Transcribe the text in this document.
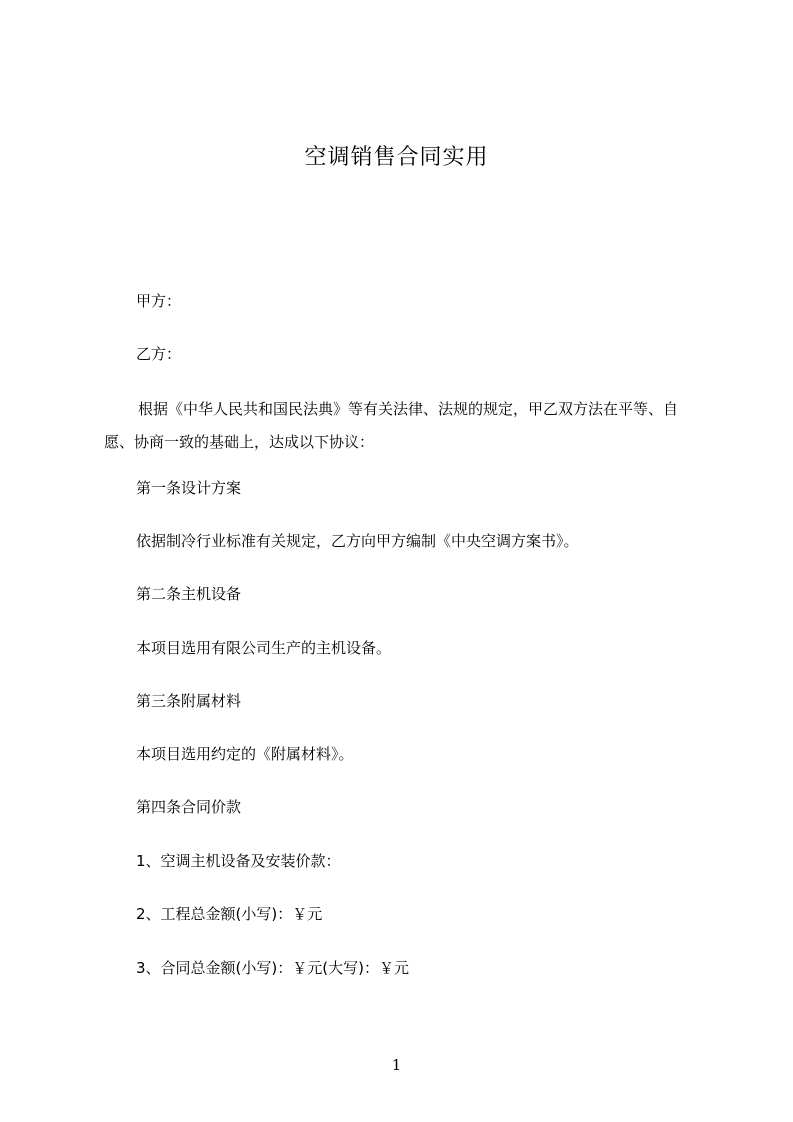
空调销售合同实用
甲方：
乙方：
根据《中华人民共和国民法典》等有关法律、法规的规定，甲乙双方法在平等、自愿、协商一致的基础上，达成以下协议：
第一条设计方案
依据制冷行业标准有关规定，乙方向甲方编制《中央空调方案书》。
第二条主机设备
本项目选用有限公司生产的主机设备。
第三条附属材料
本项目选用约定的《附属材料》。
第四条合同价款
1、空调主机设备及安装价款：
2、工程总金额(小写)：￥元
3、合同总金额(小写)：￥元(大写)：￥元
1
